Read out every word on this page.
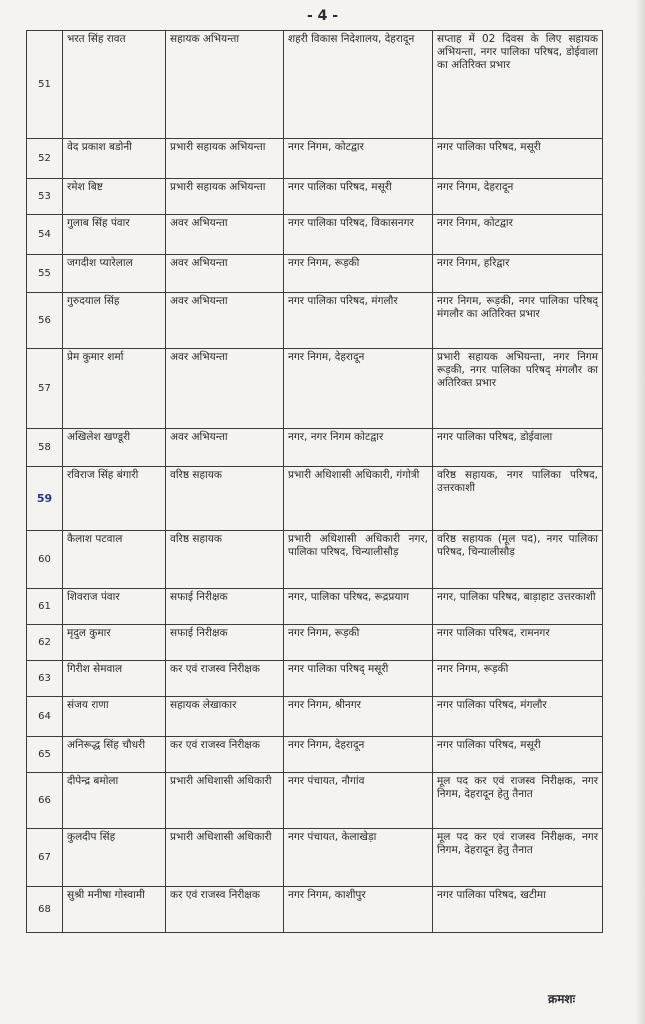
- 4 -
51	भरत सिंह रावत	सहायक अभियन्ता	शहरी विकास निदेशालय, देहरादून	सप्ताह में 02 दिवस के लिए सहायक अभियन्ता, नगर पालिका परिषद, डोईवाला का अतिरिक्त प्रभार
52	वेद प्रकाश बडोनी	प्रभारी सहायक अभियन्ता	नगर निगम, कोटद्वार	नगर पालिका परिषद, मसूरी
53	रमेश बिष्ट	प्रभारी सहायक अभियन्ता	नगर पालिका परिषद, मसूरी	नगर निगम, देहरादून
54	गुलाब सिंह पंवार	अवर अभियन्ता	नगर पालिका परिषद, विकासनगर	नगर निगम, कोटद्वार
55	जगदीश प्यारेलाल	अवर अभियन्ता	नगर निगम, रूड़की	नगर निगम, हरिद्वार
56	गुरुदयाल सिंह	अवर अभियन्ता	नगर पालिका परिषद, मंगलौर	नगर निगम, रूड़की, नगर पालिका परिषद् मंगलौर का अतिरिक्त प्रभार
57	प्रेम कुमार शर्मा	अवर अभियन्ता	नगर निगम, देहरादून	प्रभारी सहायक अभियन्ता, नगर निगम रूड़की, नगर पालिका परिषद् मंगलौर का अतिरिक्त प्रभार
58	अखिलेश खण्डूरी	अवर अभियन्ता	नगर, नगर निगम कोटद्वार	नगर पालिका परिषद, डोईवाला
59	रविराज सिंह बंगारी	वरिष्ठ सहायक	प्रभारी अधिशासी अधिकारी, गंगोत्री	वरिष्ठ सहायक, नगर पालिका परिषद, उत्तरकाशी
60	कैलाश पटवाल	वरिष्ठ सहायक	प्रभारी अधिशासी अधिकारी नगर, पालिका परिषद, चिन्यालीसौड़	वरिष्ठ सहायक (मूल पद), नगर पालिका परिषद, चिन्यालीसौड़
61	शिवराज पंवार	सफाई निरीक्षक	नगर, पालिका परिषद, रूद्रप्रयाग	नगर, पालिका परिषद, बाड़ाहाट उत्तरकाशी
62	मृदुल कुमार	सफाई निरीक्षक	नगर निगम, रूड़की	नगर पालिका परिषद, रामनगर
63	गिरीश सेमवाल	कर एवं राजस्व निरीक्षक	नगर पालिका परिषद् मसूरी	नगर निगम, रूड़की
64	संजय राणा	सहायक लेखाकार	नगर निगम, श्रीनगर	नगर पालिका परिषद, मंगलौर
65	अनिरूद्ध सिंह चौधरी	कर एवं राजस्व निरीक्षक	नगर निगम, देहरादून	नगर पालिका परिषद, मसूरी
66	दीपेन्द्र बमोला	प्रभारी अधिशासी अधिकारी	नगर पंचायत, नौगांव	मूल पद कर एवं राजस्व निरीक्षक, नगर निगम, देहरादून हेतु तैनात
67	कुलदीप सिंह	प्रभारी अधिशासी अधिकारी	नगर पंचायत, केलाखेड़ा	मूल पद कर एवं राजस्व निरीक्षक, नगर निगम, देहरादून हेतु तैनात
68	सुश्री मनीषा गोस्वामी	कर एवं राजस्व निरीक्षक	नगर निगम, काशीपुर	नगर पालिका परिषद, खटीमा
क्रमशः
